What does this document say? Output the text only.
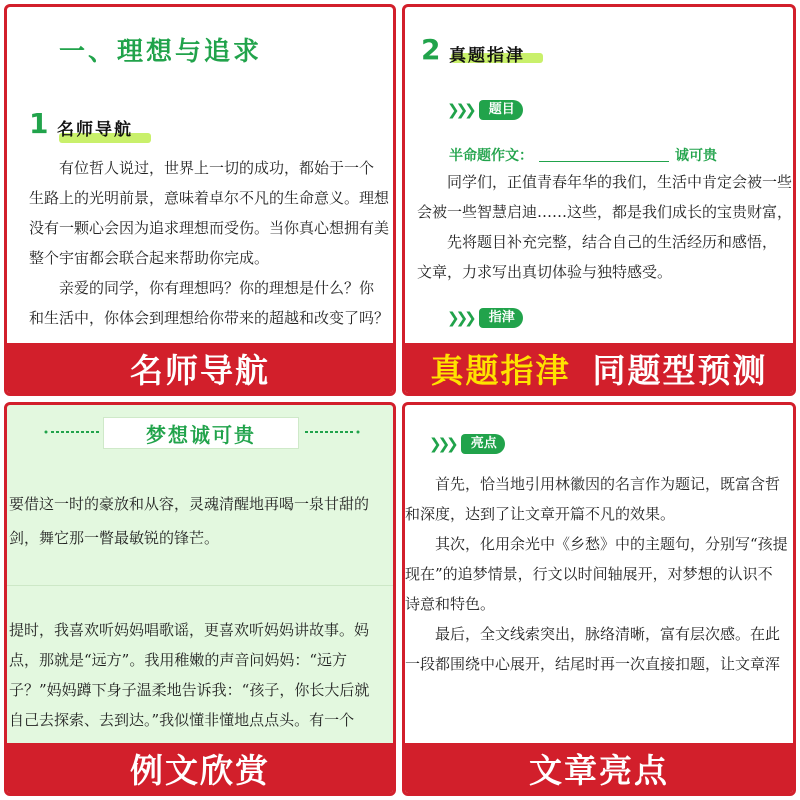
一、理想与追求
1 名师导航

有位哲人说过，世界上一切的成功，都始于一个

生路上的光明前景，意味着卓尔不凡的生命意义。理想

没有一颗心会因为追求理想而受伤。当你真心想拥有美

整个宇宙都会联合起来帮助你完成。

亲爱的同学，你有理想吗？你的理想是什么？你

和生活中，你体会到理想给你带来的超越和改变了吗？

名师导航
2 真题指津
❯❯❯	题目
半命题作文：	诚可贵

同学们，正值青春年华的我们，生活中肯定会被一些

会被一些智慧启迪……这些，都是我们成长的宝贵财富，

先将题目补充完整，结合自己的生活经历和感悟，

文章，力求写出真切体验与独特感受。

❯❯❯	指津
真题指津 同题型预测
梦想诚可贵

要借这一时的豪放和从容，灵魂清醒地再喝一泉甘甜的

剑，舞它那一瞥最敏锐的锋芒。

提时，我喜欢听妈妈唱歌谣，更喜欢听妈妈讲故事。妈

点，那就是“远方”。我用稚嫩的声音问妈妈：“远方

子？”妈妈蹲下身子温柔地告诉我：“孩子，你长大后就

自己去探索、去到达。”我似懂非懂地点点头。有一个

例文欣赏
❯❯❯	亮点

首先，恰当地引用林徽因的名言作为题记，既富含哲

和深度，达到了让文章开篇不凡的效果。

其次，化用余光中《乡愁》中的主题句，分别写“孩提

现在”的追梦情景，行文以时间轴展开，对梦想的认识不

诗意和特色。

最后，全文线索突出，脉络清晰，富有层次感。在此

一段都围绕中心展开，结尾时再一次直接扣题，让文章浑

文章亮点
